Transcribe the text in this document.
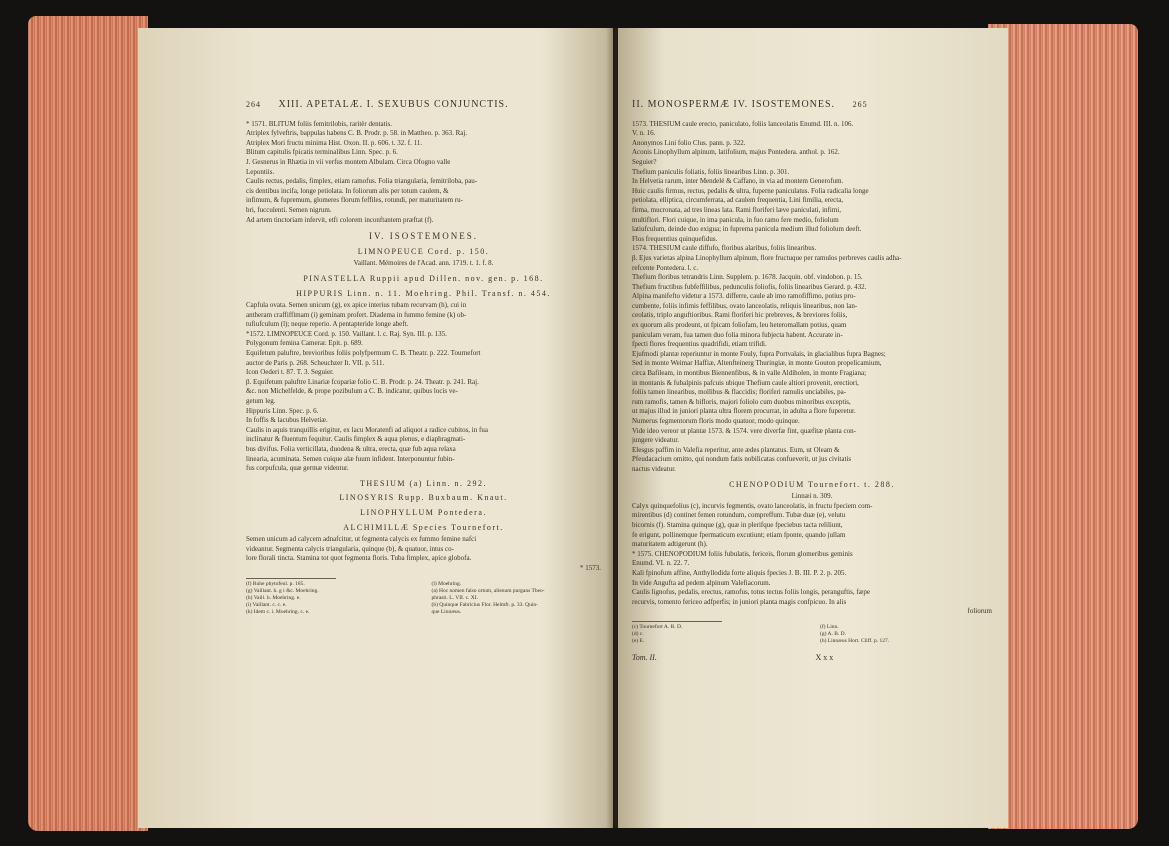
264 XIII. APETALÆ. I. SEXUBUS CONJUNCTIS.
* 1571. BLITUM foliis femitrilobis, raritèr dentatis.
Atriplex fylveftris, bappulas habens C. B. Prodr. p. 58. in Mattheo. p. 363. Raj.
Atriplex Mori fructu minima Hist. Oxon. II. p. 606. t. 32. f. 11.
Blitum capitulis fpicatis terminalibus Linn. Spec. p. 6.
J. Gesnerus in Rhætia in vii verfus montem Albulam. Circa Ofogno valle
Lepontiis.
Caulis rectus, pedalis, fimplex, etiam ramofus. Folia triangularia, femitriloba, pau-
cis dentibus incifa, longe petiolata. In foliorum alis per totum caulem, &
infimum, & fupremum, glomeres florum feffiles, rotundi, per maturitatem ru-
bri, fucculenti. Semen nigrum.
Ad artem tinctoriam infervit, etfi colorem inconftantem præftat (f).
IV. ISOSTEMONES.
LIMNOPEUCE Cord. p. 150.
Vaillant. Mémoires de l'Acad. ann. 1719. t. 1. f. 8.
PINASTELLA Ruppii apud Dillen. nov. gen. p. 168.
HIPPURIS Linn. n. 11. Moehring. Phil. Transf. n. 454.
Capfula ovata. Semen unicum (g), ex apice interius tubam recurvam (h), cui in
antheram craffiffimam (i) geminam profert. Diadema in fummo femine (k) ob-
tufiufculum (l); neque reperio. A pentapteride longe abeft.
*1572. LIMNOPEUCE Cord. p. 150. Vaillant. l. c. Raj. Syn. III. p. 135.
Polygonum femina Camerar. Epit. p. 689.
Equifetum paluftre, brevioribus foliis polyfpermum C. B. Theatr. p. 222. Tournefort
auctor de Paris p. 268. Scheuchzer It. VII. p. 511.
Icon Oederi t. 87. T. 3. Seguier.
β. Equifetum paluftre Linariæ fcopariæ folio C. B. Prodr. p. 24. Theatr. p. 241. Raj.
&c. non Michelfelde, & prope pozibulum a C. B. indicatur, quibus locis ve-
getum leg.
Hippuris Linn. Spec. p. 6.
In foffis & lacubus Helvetiæ.
Caulis in aquis tranquillis erigitur, ex lacu Moratenfi ad aliquot a radice cubitos, in fua
inclinatur & fluentum fequitur. Caulis fimplex & aqua plenus, e diaphragmati-
bus divifus. Folia verticillata, duodena & ultra, erecta, quæ fub aqua relaxa
linearia, acuminata. Semen cuique alæ fuum infident. Interponuntur fubin-
fus corpufcula, quæ germæ videntur.
THESIUM (a) Linn. n. 292.
LINOSYRIS Rupp. Buxbaum. Knaut.
LINOPHYLLUM Pontedera.
ALCHIMILLÆ Species Tournefort.
Semen unicum ad calycem adnafcitur, ut fegmenta calycis ex fummo femine nafci
videantur. Segmenta calycis triangularia, quinque (b), & quatuor, intus co-
lore florali tincta. Stamina tot quot fegmenta floris. Tuba fimplex, apice globofa.
* 1573.
(f) Ruhe phytofeul. p. 185.
(g) Vaillant. h. g i &c. Moehring.
(h) Vaill. h. Moehring. e.
(i) Vaillant. c. c. e.
(k) Idem c. i. Moehring. c. e.
(l) Moehring.
(a) Hoc nomen falso ortum, alienum purgans Theo-
phrasti. L. VII. c. XI.
(b) Quinque Fabricius Flor. Helmft. p. 33. Quin-
que Linnæus.
II. MONOSPERMÆ IV. ISOSTEMONES. 265
1573. THESIUM caule erecto, paniculato, foliis lanceolatis Enumd. III. n. 106.
V. n. 16.
Anonymos Lini folio Clus. pann. p. 322.
Aconis Linophyllum alpinum, latifolium, majus Pontedera. anthol. p. 162.
Seguier?
Thefium paniculis foliatis, foliis linearibus Linn. p. 301.
In Helvetia rarum, inter Mendelé & Caffano, in via ad montem Generofum.
Huic caulis firmus, rectus, pedalis & ultra, fuperne paniculatus. Folia radicalia longe
petiolata, elliptica, circumferrata, ad caulem frequentia, Lini fimilia, erecta,
firma, mucronata, ad tres lineas lata. Rami floriferi læve paniculati, infimi,
multiflori. Flori cuique, in ima panicula, in fuo ramo fere medio, foliolum
latiufculum, deinde duo exigua; in fuprema panicula medium illud foliolum deeft.
Flos frequentius quinquefidus.
1574. THESIUM caule diffufo, floribus alaribus, foliis linearibus.
β. Ejus varietas alpina Linophyllum alpinum, flore fructuque per ramulos perbreves caulis adha-
refcente Pontedera. l. c.
Thefium floribus tetrandris Linn. Supplem. p. 1678. Jacquin. obf. vindobon. p. 15.
Thefium fructibus fubfeffilibus, pedunculis foliofis, foliis linearibus Gerard. p. 432.
Alpina manifefto videtur a 1573. differre, caule ab imo ramofiffimo, potius pro-
cumbente, foliis infimis feffilibus, ovato lanceolatis, reliquis linearibus, non lan-
ceolatis, triplo anguftioribus. Rami floriferi hic prebreves, & breviores foliis,
ex quorum alis prodeunt, ut fpicam foliofam, leu heteromallam potius, quam
paniculam veram, fua tamen duo folia minora fubjecta habent. Accurate in-
fpecti flores frequentius quadrifidi, etiam trifidi.
Ejufmodi plantæ reperiuntur in monte Fouly, fupra Portvalais, in glacialibus fupra Bagnes;
Sed in monte Weimar Haffiæ, Altenfteinerg Thuringiæ, in monte Gouton propelicamium,
circa Bafileam, in montibus Biennenfibus, & in valle Aldiholen, in monte Fragiana;
in montanis & fubalpinis pafcuis ubique Thefium caule altiori provenit, erectiori,
foliis tamen linearibus, mollibus & flaccidis; floriferi ramulis unciabiles, pa-
rum ramofis, tamen & bifloris, majori foliolo cum duobus minoribus exceptis,
ut majus illud in juniori planta ultra florem procurrat, in adulta a flore fuperetur.
Numerus fegmentorum floris modo quatuor, modo quinque.
Vide ideo vereor ut plantæ 1573. & 1574. vere diverfæ fint, quæfitæ planta con-
jungere videatur.
Elesgus paffim in Valefia reperitur, ante ædes plantatus. Eum, ut Oleam &
Pfeudacacium omitto, qui nondum fatis nobilicatas confueverit, ut jus civitatis
nactus videatur.
CHENOPODIUM Tournefort. t. 288.
Linnæi n. 309.
Calyx quinquefolius (c), incurvis fegmentis, ovato lanceolatis, in fructu fpeciem com-
mirentibus (d) continet femen rotundum, compreffum. Tubæ duæ (e), velutu
bicornis (f). Stamina quinque (g), quæ in plerifque fpeciebus tacta reliliunt,
fe erigunt, pollinemque fpermaticum excutiunt; etiam fponte, quando jullam
maturitatem adtigerunt (h).
* 1575. CHENOPODIUM foliis fubulatis, fericeis, florum glomeribus geminis
Enumd. VI. n. 22. 7.
Kali fpinofum affine, Anthyllodida forte aliquis fpecies J. B. III. P. 2. p. 205.
In vide Angufta ad pedem alpinum Valefiacorum.
Caulis lignofus, pedalis, erectus, ramofus, totus tectus foliis longis, peranguftis, fæpe
recurvis, tomento fericeo adfperfis; in juniori planta magis confpicuo. In alis
foliorum
(c) Tournefort A. B. D.
(d) c.
(e) E.
(f) Linn.
(g) A. B. D.
(h) Linnæus Hort. Cliff. p. 127.
Tom. II.	X x x
